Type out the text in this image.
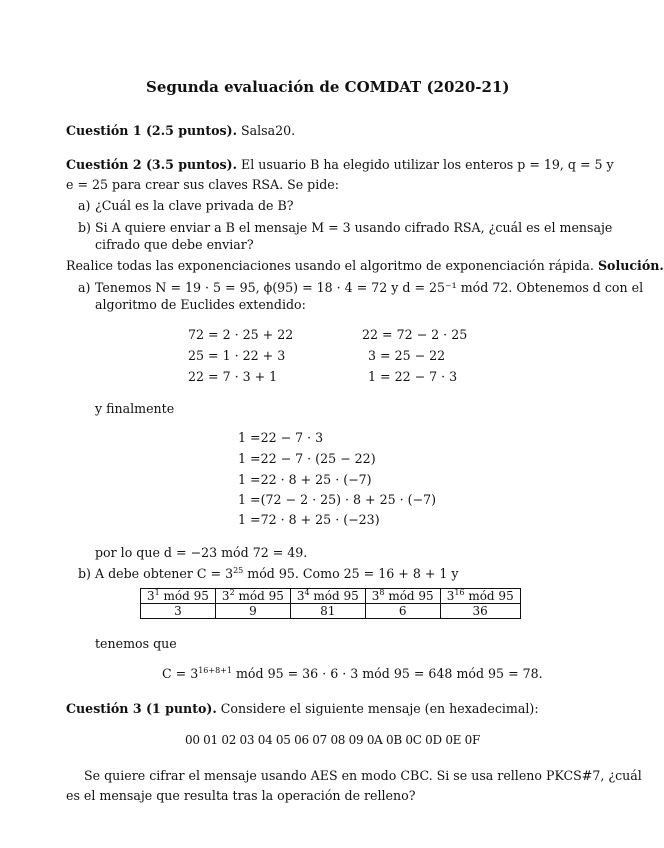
Segunda evaluación de COMDAT (2020-21)
Cuestión 1 (2.5 puntos). Salsa20.
Cuestión 2 (3.5 puntos). El usuario B ha elegido utilizar los enteros p = 19, q = 5 y
e = 25 para crear sus claves RSA. Se pide:
a) ¿Cuál es la clave privada de B?
b) Si A quiere enviar a B el mensaje M = 3 usando cifrado RSA, ¿cuál es el mensaje
cifrado que debe enviar?
Realice todas las exponenciaciones usando el algoritmo de exponenciación rápida. Solución.
a) Tenemos N = 19 · 5 = 95, ϕ(95) = 18 · 4 = 72 y d = 25⁻¹ mód 72. Obtenemos d con el
algoritmo de Euclides extendido:
72 = 2 · 25 + 22
25 = 1 · 22 + 3
22 = 7 · 3 + 1
22 = 72 − 2 · 25
3 = 25 − 22
1 = 22 − 7 · 3
y finalmente
1 =22 − 7 · 3
1 =22 − 7 · (25 − 22)
1 =22 · 8 + 25 · (−7)
1 =(72 − 2 · 25) · 8 + 25 · (−7)
1 =72 · 8 + 25 · (−23)
por lo que d = −23 mód 72 = 49.
b) A debe obtener $C = 3^{25}$ mód 95. Como 25 = 16 + 8 + 1 y
$3^1$ mód 95	$3^2$ mód 95	$3^4$ mód 95	$3^8$ mód 95	$3^{16}$ mód 95
3	9	81	6	36
tenemos que
$C = 3^{16+8+1}$ mód 95 = 36 · 6 · 3 mód 95 = 648 mód 95 = 78.
Cuestión 3 (1 punto). Considere el siguiente mensaje (en hexadecimal):
00 01 02 03 04 05 06 07 08 09 0A 0B 0C 0D 0E 0F
Se quiere cifrar el mensaje usando AES en modo CBC. Si se usa relleno PKCS#7, ¿cuál
es el mensaje que resulta tras la operación de relleno?
